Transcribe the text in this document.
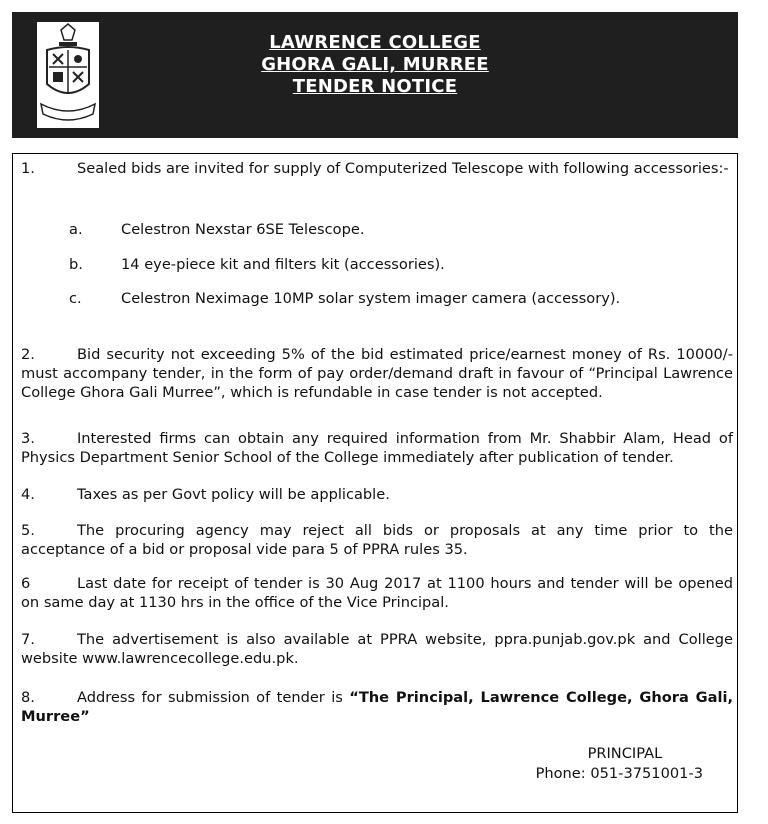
LAWRENCE COLLEGE
GHORA GALI, MURREE
TENDER NOTICE
1.	Sealed bids are invited for supply of Computerized Telescope with following accessories:-
a.	Celestron Nexstar 6SE Telescope.
b.	14 eye-piece kit and filters kit (accessories).
c.	Celestron Neximage 10MP solar system imager camera (accessory).
2.	Bid security not exceeding 5% of the bid estimated price/earnest money of Rs. 10000/- must accompany tender, in the form of pay order/demand draft in favour of “Principal Lawrence College Ghora Gali Murree”, which is refundable in case tender is not accepted.
3.	Interested firms can obtain any required information from Mr. Shabbir Alam, Head of Physics Department Senior School of the College immediately after publication of tender.
4.	Taxes as per Govt policy will be applicable.
5.	The procuring agency may reject all bids or proposals at any time prior to the acceptance of a bid or proposal vide para 5 of PPRA rules 35.
6	Last date for receipt of tender is 30 Aug 2017 at 1100 hours and tender will be opened on same day at 1130 hrs in the office of the Vice Principal.
7.	The advertisement is also available at PPRA website, ppra.punjab.gov.pk and College website www.lawrencecollege.edu.pk.
8.	Address for submission of tender is “The Principal, Lawrence College, Ghora Gali, Murree”
PRINCIPAL
Phone: 051-3751001-3
